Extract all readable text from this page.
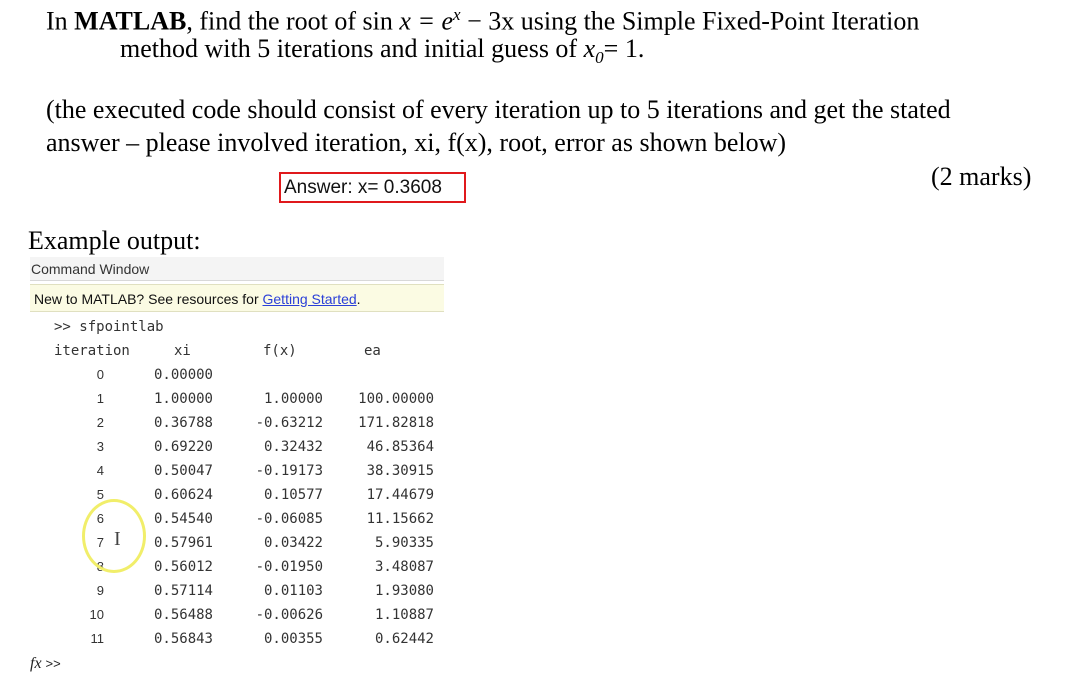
In MATLAB, find the root of $\sin x = e^x - 3x$ using the Simple Fixed-Point Iteration
method with 5 iterations and initial guess of $x_0= 1$.
(the executed code should consist of every iteration up to 5 iterations and get the stated
answer – please involved iteration, xi, f(x), root, error as shown below)
(2 marks)
Answer: x= 0.3608
Example output:
Command Window
New to MATLAB? See resources for Getting Started.
>> sfpointlab
iteration	xi	f(x)	ea
0	0.00000
1	1.00000	1.00000	100.00000
2	0.36788	-0.63212	171.82818
3	0.69220	0.32432	46.85364
4	0.50047	-0.19173	38.30915
5	0.60624	0.10577	17.44679
6	0.54540	-0.06085	11.15662
7	0.57961	0.03422	5.90335
8	0.56012	-0.01950	3.48087
9	0.57114	0.01103	1.93080
10	0.56488	-0.00626	1.10887
11	0.56843	0.00355	0.62442
I
fx >>
